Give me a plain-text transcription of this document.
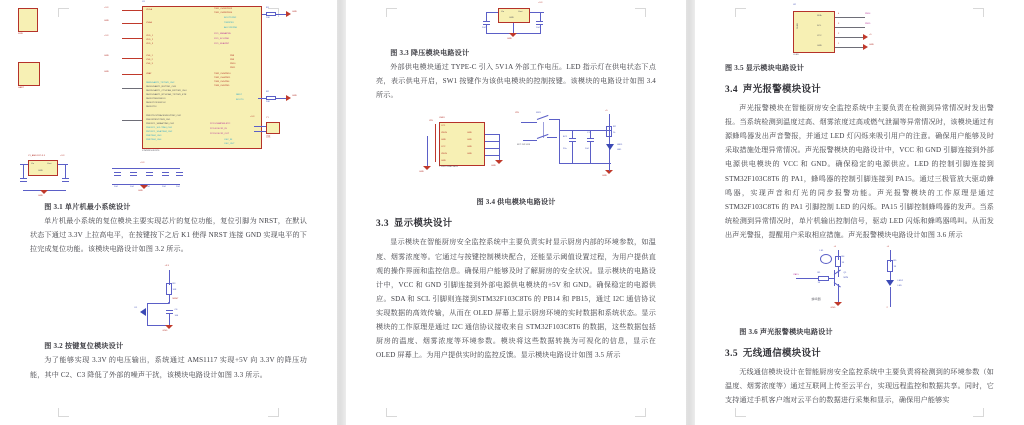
U1
STM32F103C8T6
VDDA
VSSA
VDD_1
VDD_2
VDD_3
VSS_1
VSS_2
VSS_3
VBAT
PA9/USART1_TX/TIM1_CH2
PA10/USART1_RX/TIM1_CH3
PA11/USART1_CTS/CAN_RX/TIM1_CH4
PA12/USART1_RTS/CAN_TX/TIM1_ETR
PA13/JTMS/SWDIO
PA14/JTCK/SWCLK
PA15/JTDI
PB3/JTDO/TRACESWO/TIM2_CH2
PB4/JNTRST/TIM3_CH1
PB5/I2C1_SMBA/TIM3_CH2
PB6/I2C1_SCL/TIM4_CH1
PB7/I2C1_SDA/TIM4_CH2
PB8/TIM4_CH3
PB9/TIM4_CH4
TIM1_CH1N/PB13
TIM1_CH2N/PB14
BOOT1/PB2
TIM2/PB1
ADC123/PB0
I2C1_SMBA/PB5
I2C1_SCL/PB6
I2C1_SDA/PB7
PB8
PB9
PB10
PB11
TIM2_CH3/PB10
TIM2_CH4/PB11
TIM3_CH1/PB4
TIM3_CH2/PB5
NRST
BOOT0
PC13-TAMPER-RTC
PC14/OSC32_IN
PC15/OSC32_OUT
OSC_IN
OSC_OUT
+3.3
GND
+3.3
GND
GND
R1
10K
GND
R2
10K
GND
晶振
Y1
+3.3
104	104	104	104	104
+3.3
GND
SWD
UART
V1_AMS1117-3.3
Vin	Vout
GND
+3.3
GND
图 3.1 单片机最小系统设计

单片机最小系统的复位模块主要实现芯片的复位功能，复位引脚为 NRST，在默认状态下通过 3.3V 上拉高电平，在按键按下之后 K1 使得 NRST 连接 GND 实现电平的下拉完成复位功能。该模块电路设计如图 3.2 所示。

+3.3
R3
10K
NRST
K1
C6
104
GND
图 3.2 按键复位模块设计

为了能够实现 3.3V 的电压输出，系统通过 AMS1117 实现+5V 向 3.3V 的降压功能，其中 C2、C3 降低了外部的噪声干扰，该模块电路设计如图 3.3 所示。

+3.3
Vin	Vout
GND
104	104
GND
图 3.3 降压模块电路设计

外部供电模块通过 TYPE-C 引入 5V1A 外部工作电压。LED 指示灯在供电状态下点亮，表示供电开启，SW1 按键作为该供电模块的控制按键。该模块的电路设计如图 3.4 所示。

USB1
TYPEC-2BB2-BDN
CC1
VBUS
GND
CC2
VBUS
GND
GND
GND
GND
GND
VIN
GND
GND
VIN	SW1
KFT DIP-4X8
+5
EC1
22u
C1
104
R2
1k
LED1
LED
GND
图 3.4 供电模块电路设计
3.3 显示模块设计

显示模块在智能厨房安全监控系统中主要负责实时显示厨房内部的环境参数，如温度、烟雾浓度等。它通过与按键控制模块配合，还能显示阈值设置过程，为用户提供直观的操作界面和监控信息。确保用户能够及时了解厨房的安全状况。显示模块的电路设计中，VCC 和 GND 引脚连接到外部电源供电模块的+5V 和 GND。确保稳定的电源供应。SDA 和 SCL 引脚则连接到STM32F103C8T6 的 PB14 和 PB15，通过 I2C 通信协议实现数据的高效传输，从而在 OLED 屏幕上显示厨房环境的实时数据和系统状态。显示模块的工作原理是通过 I2C 通信协议接收来自 STM32F103C8T6 的数据，这些数据包括厨房的温度、烟雾浓度等环境参数。模块将这些数据转换为可视化的信息，显示在 OLED 屏幕上。为用户提供实时的监控反馈。显示模块电路设计如图 3.5 所示

U2
OLED
OLED
SDA
SCL
VCC
GND
4
3
2
1
PB14
PB15
+5
GND
图 3.5 显示模块电路设计
3.4 声光报警模块设计

声光报警模块在智能厨房安全监控系统中主要负责在检测到异常情况时发出警报。当系统检测到温度过高、烟雾浓度过高或燃气泄漏等异常情况时，该模块通过有源蜂鸣器发出声音警报，并通过 LED 灯闪烁来吸引用户的注意。确保用户能够及时采取措施处理异常情况。声光报警模块的电路设计中，VCC 和 GND 引脚连接到外部电源供电模块的 VCC 和 GND。确保稳定的电源供应。LED 的控制引脚连接到 STM32F103C8T6 的 PA1，蜂鸣器的控制引脚连接到 PA15。通过三极管放大驱动蜂鸣器，实现声音和灯光的同步报警功能。声光报警模块的工作原理是通过 STM32F103C8T6 的 PA1 引脚控制 LED 的闪烁。PA15 引脚控制蜂鸣器的发声。当系统检测到异常情况时，单片机输出控制信号，驱动 LED 闪烁和蜂鸣器鸣叫。从而发出声光警报，提醒用户采取相应措施。声光报警模块电路设计如图 3.6 所示

+5
LS1
R4
1K
Q1
NPN
PA15
R1
1K
GND
蜂鸣器
+5
R5
1K
LED2
LED
2
图 3.6 声光报警模块电路设计
3.5 无线通信模块设计

无线通信模块设计在智能厨房安全监控系统中主要负责将检测到的环境参数（如温度、烟雾浓度等）通过互联网上传至云平台，实现远程监控和数据共享。同时，它支持通过手机客户端对云平台的数据进行采集和显示，确保用户能够实
